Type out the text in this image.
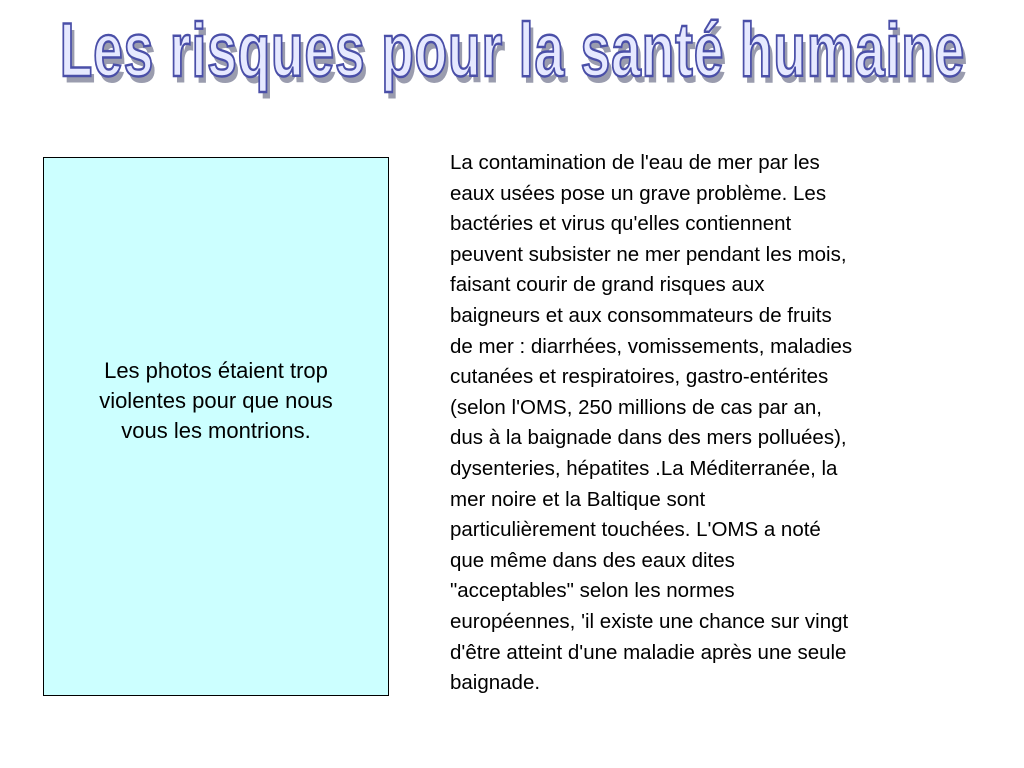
Les risques pour la santé humaine
Les photos étaient trop violentes pour que nous vous les montrions.
La contamination de l'eau de mer par les
eaux usées pose un grave problème. Les
bactéries et virus qu'elles contiennent
peuvent subsister ne mer pendant les mois,
faisant courir de grand risques aux
baigneurs et aux consommateurs de fruits
de mer : diarrhées, vomissements, maladies
cutanées et respiratoires, gastro-entérites
(selon l'OMS, 250 millions de cas par an,
dus à la baignade dans des mers polluées),
dysenteries, hépatites .La Méditerranée, la
mer noire et la Baltique sont
particulièrement touchées. L'OMS a noté
que même dans des eaux dites
"acceptables" selon les normes
européennes, 'il existe une chance sur vingt
d'être atteint d'une maladie après une seule
baignade.
